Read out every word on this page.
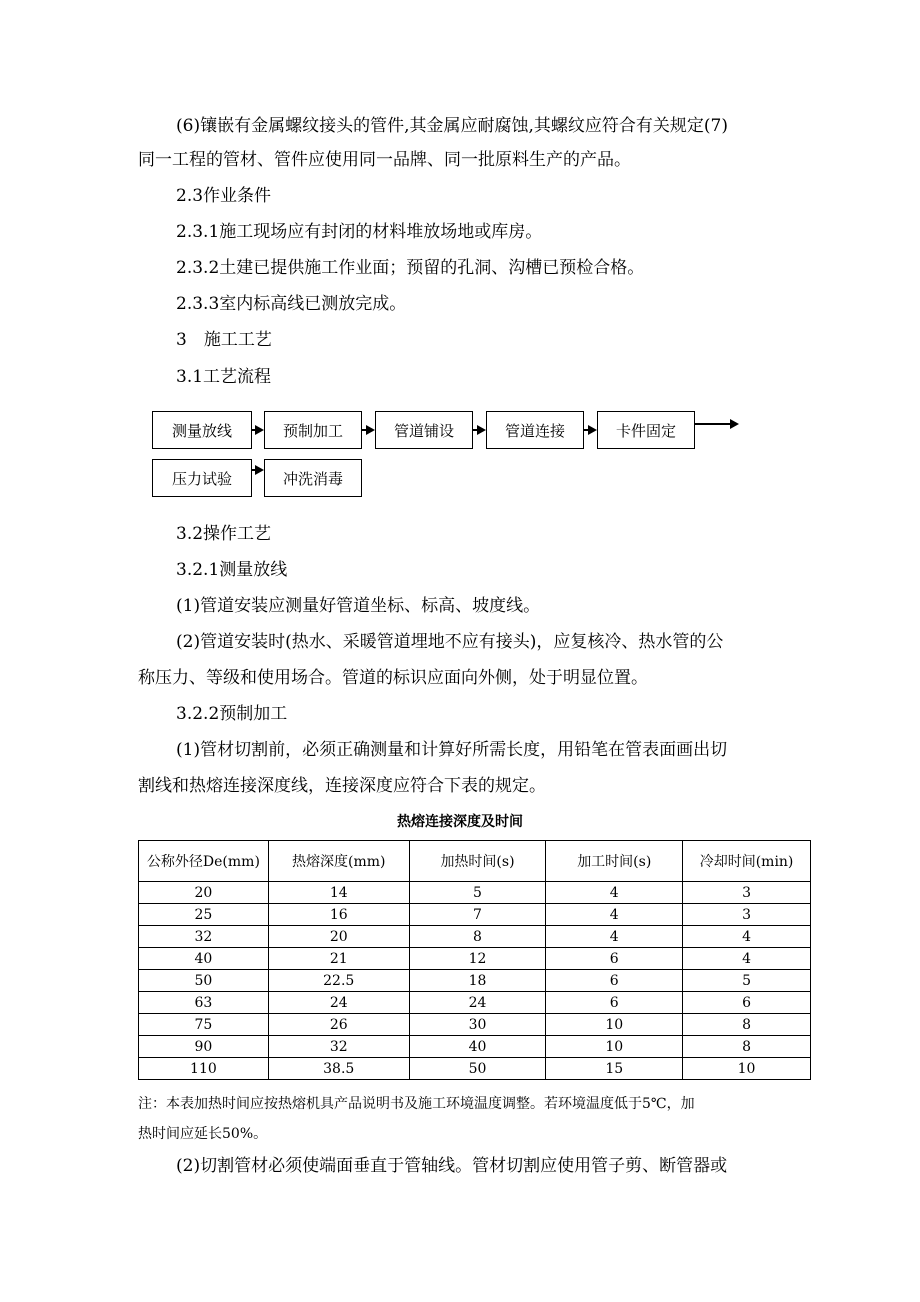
(6)镶嵌有金属螺纹接头的管件,其金属应耐腐蚀,其螺纹应符合有关规定(7)
同一工程的管材、管件应使用同一品牌、同一批原料生产的产品。
2.3作业条件
2.3.1施工现场应有封闭的材料堆放场地或库房。
2.3.2土建已提供施工作业面；预留的孔洞、沟槽已预检合格。
2.3.3室内标高线已测放完成。
3　施工工艺
3.1工艺流程
测量放线	预制加工	管道铺设	管道连接	卡件固定
压力试验	冲洗消毒
3.2操作工艺
3.2.1测量放线
(1)管道安装应测量好管道坐标、标高、坡度线。
(2)管道安装时(热水、采暖管道埋地不应有接头)，应复核冷、热水管的公
称压力、等级和使用场合。管道的标识应面向外侧，处于明显位置。
3.2.2预制加工
(1)管材切割前，必须正确测量和计算好所需长度，用铅笔在管表面画出切
割线和热熔连接深度线，连接深度应符合下表的规定。
热熔连接深度及时间
公称外径De(mm)	热熔深度(mm)	加热时间(s)	加工时间(s)	冷却时间(min)
20	14	5	4	3
25	16	7	4	3
32	20	8	4	4
40	21	12	6	4
50	22.5	18	6	5
63	24	24	6	6
75	26	30	10	8
90	32	40	10	8
110	38.5	50	15	10
注：本表加热时间应按热熔机具产品说明书及施工环境温度调整。若环境温度低于5℃，加
热时间应延长50%。
(2)切割管材必须使端面垂直于管轴线。管材切割应使用管子剪、断管器或
